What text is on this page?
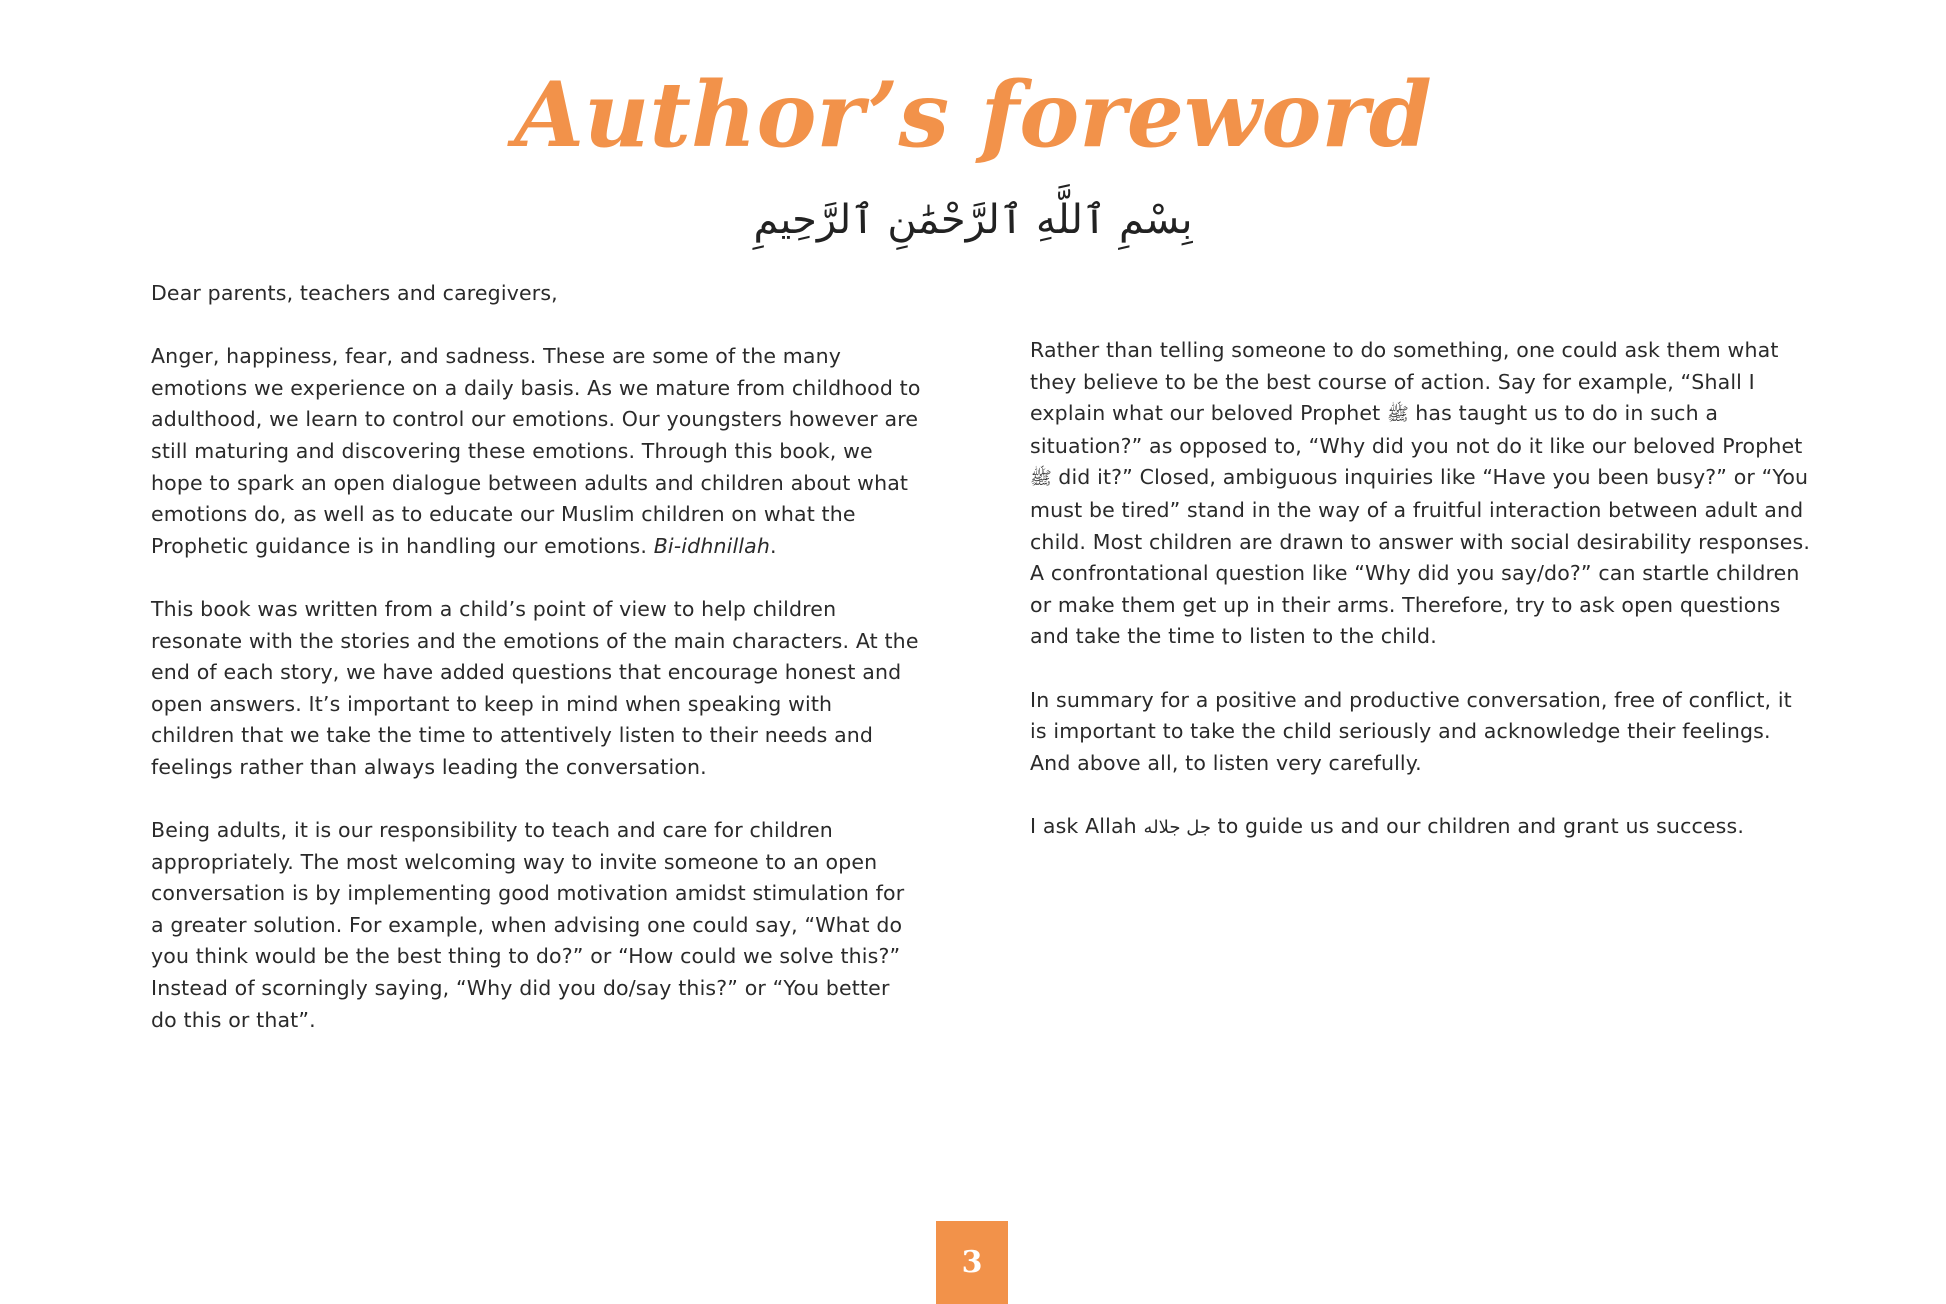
Author’s foreword
بِسْمِ ٱللَّهِ ٱلرَّحْمَٰنِ ٱلرَّحِيمِ

Dear parents, teachers and caregivers,

Anger, happiness, fear, and sadness. These are some of the many emotions we experience on a daily basis. As we mature from childhood to adulthood, we learn to control our emotions. Our youngsters however are still maturing and discovering these emotions. Through this book, we hope to spark an open dialogue between adults and children about what emotions do, as well as to educate our Muslim children on what the Prophetic guidance is in handling our emotions. Bi-idhnillah.

This book was written from a child’s point of view to help children resonate with the stories and the emotions of the main characters. At the end of each story, we have added questions that encourage honest and open answers. It’s important to keep in mind when speaking with children that we take the time to attentively listen to their needs and feelings rather than always leading the conversation.

Being adults, it is our responsibility to teach and care for children appropriately. The most welcoming way to invite someone to an open conversation is by implementing good motivation amidst stimulation for a greater solution. For example, when advising one could say, “What do you think would be the best thing to do?” or “How could we solve this?” Instead of scorningly saying, “Why did you do/say this?” or “You better do this or that”.

Rather than telling someone to do something, one could ask them what they believe to be the best course of action. Say for example, “Shall I explain what our beloved Prophet ﷺ has taught us to do in such a situation?” as opposed to, “Why did you not do it like our beloved Prophet ﷺ did it?” Closed, ambiguous inquiries like “Have you been busy?” or “You must be tired” stand in the way of a fruitful interaction between adult and child. Most children are drawn to answer with social desirability responses. A confrontational question like “Why did you say/do?” can startle children or make them get up in their arms. Therefore, try to ask open questions and take the time to listen to the child.

In summary for a positive and productive conversation, free of conflict, it is important to take the child seriously and acknowledge their feelings. And above all, to listen very carefully.

I ask Allah جل جلاله to guide us and our children and grant us success.

3
